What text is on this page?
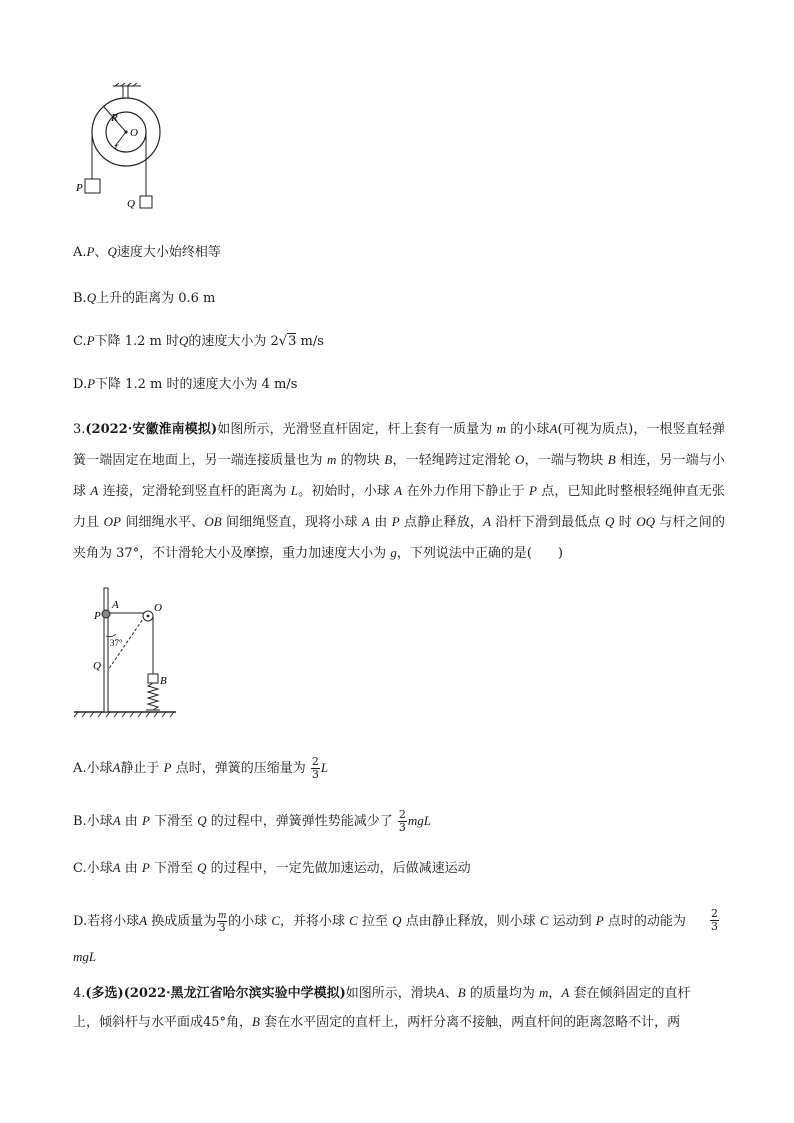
R
O
r
P
Q
A.P、Q速度大小始终相等
B.Q上升的距离为 0.6 m
C.P下降 1.2 m 时Q的速度大小为 2√3 m/s
D.P下降 1.2 m 时的速度大小为 4 m/s
3.(2022·安徽淮南模拟)如图所示，光滑竖直杆固定，杆上套有一质量为 m 的小球A(可视为质点)，一根竖直轻弹簧一端固定在地面上，另一端连接质量也为 m 的物块 B，一轻绳跨过定滑轮 O，一端与物块 B 相连，另一端与小球 A 连接，定滑轮到竖直杆的距离为 L。初始时，小球 A 在外力作用下静止于 P 点，已知此时整根轻绳伸直无张力且 OP 间细绳水平、OB 间细绳竖直，现将小球 A 由 P 点静止释放，A 沿杆下滑到最低点 Q 时 OQ 与杆之间的夹角为 37°，不计滑轮大小及摩擦，重力加速度大小为 g，下列说法中正确的是(　　)
P
A	O
37°
Q
B
A.小球A静止于 P 点时，弹簧的压缩量为 $\frac{2}{3}$ L
B.小球A 由 P 下滑至 Q 的过程中，弹簧弹性势能减少了 $\frac{2}{3}$ mgL
C.小球A 由 P 下滑至 Q 的过程中，一定先做加速运动，后做减速运动
D.若将小球A 换成质量为 $\frac{m}{3}$ 的小球 C，并将小球 C 拉至 Q 点由静止释放，则小球 C 运动到 P 点时的动能为 $\frac{2}{3}$
mgL
4.(多选)(2022·黑龙江省哈尔滨实验中学模拟)如图所示，滑块A、B 的质量均为 m，A 套在倾斜固定的直杆
上，倾斜杆与水平面成45°角，B 套在水平固定的直杆上，两杆分离不接触，两直杆间的距离忽略不计，两
